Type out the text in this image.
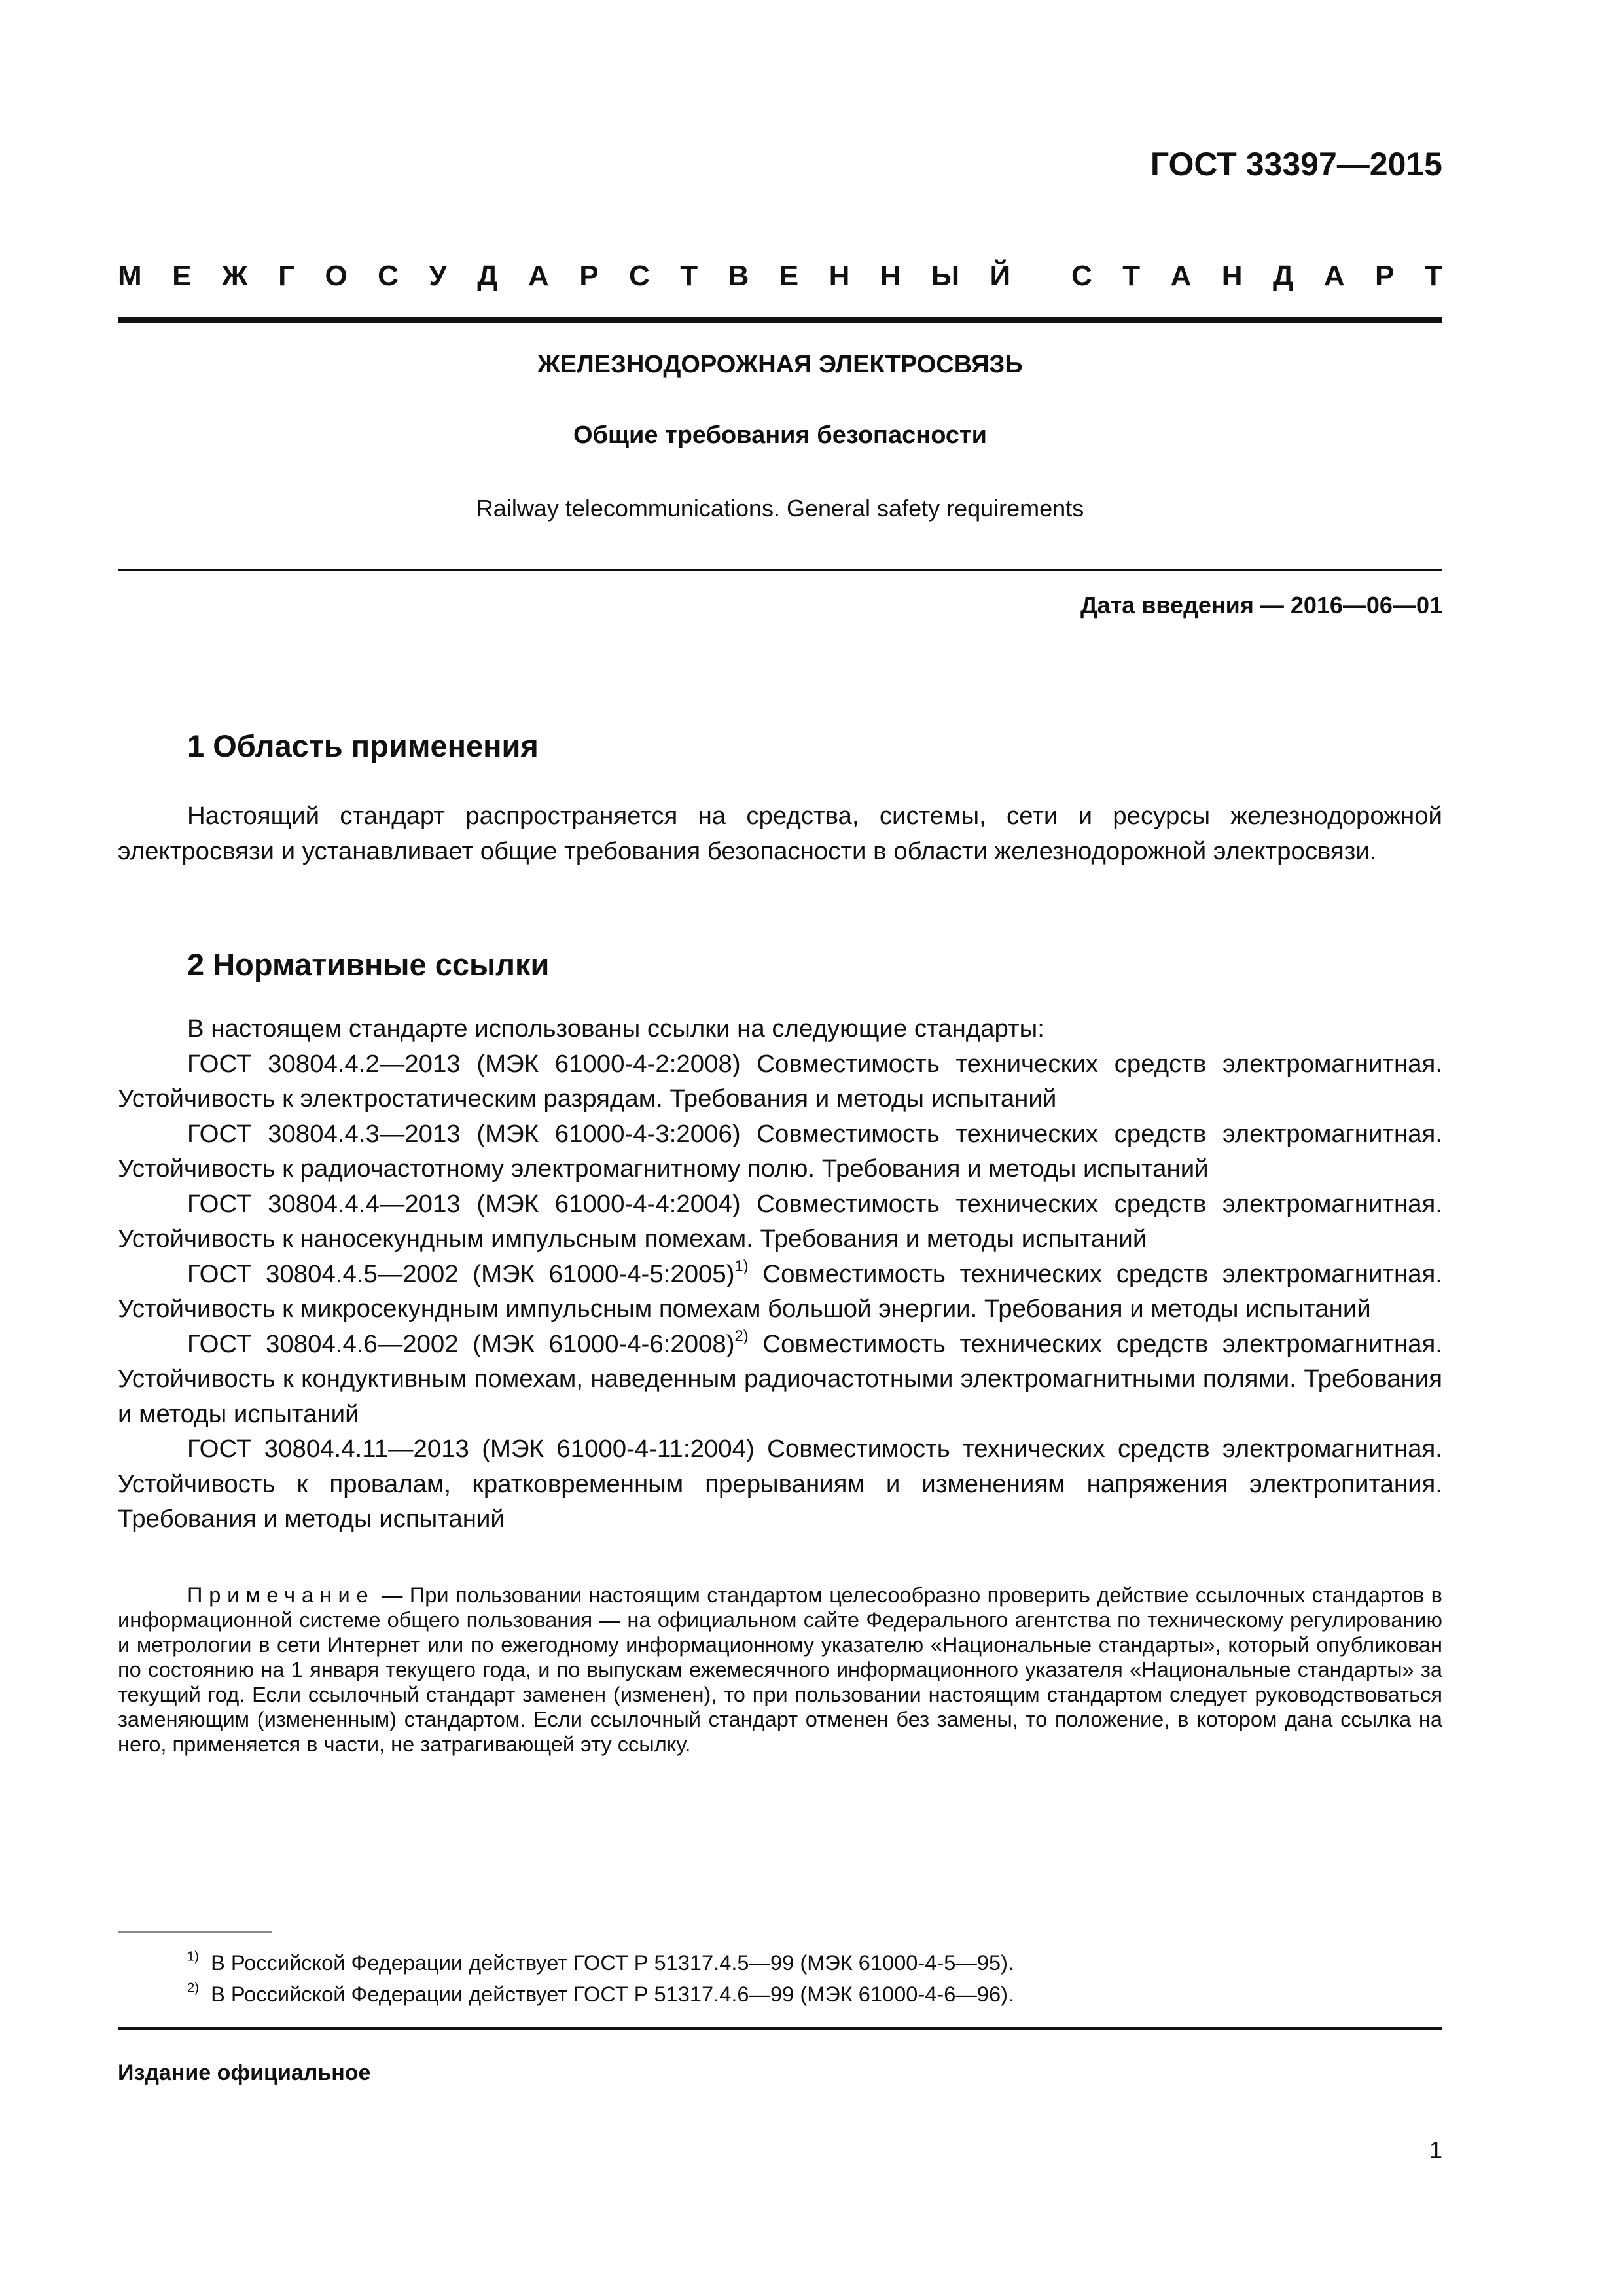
ГОСТ 33397—2015
М Е Ж Г О С У Д А Р С Т В Е Н Н Ы Й С Т А Н Д А Р Т
ЖЕЛЕЗНОДОРОЖНАЯ ЭЛЕКТРОСВЯЗЬ
Общие требования безопасности
Railway telecommunications. General safety requirements
Дата введения — 2016—06—01
1 Область применения

Настоящий стандарт распространяется на средства, системы, сети и ресурсы железнодорожной электросвязи и устанавливает общие требования безопасности в области железнодорожной электросвязи.

2 Нормативные ссылки

В настоящем стандарте использованы ссылки на следующие стандарты:

ГОСТ 30804.4.2—2013 (МЭК 61000-4-2:2008) Совместимость технических средств электромагнитная. Устойчивость к электростатическим разрядам. Требования и методы испытаний

ГОСТ 30804.4.3—2013 (МЭК 61000-4-3:2006) Совместимость технических средств электромагнитная. Устойчивость к радиочастотному электромагнитному полю. Требования и методы испытаний

ГОСТ 30804.4.4—2013 (МЭК 61000-4-4:2004) Совместимость технических средств электромагнитная. Устойчивость к наносекундным импульсным помехам. Требования и методы испытаний

ГОСТ 30804.4.5—2002 (МЭК 61000-4-5:2005)$^{1)}$ Совместимость технических средств электромагнитная. Устойчивость к микросекундным импульсным помехам большой энергии. Требования и методы испытаний

ГОСТ 30804.4.6—2002 (МЭК 61000-4-6:2008)$^{2)}$ Совместимость технических средств электромагнитная. Устойчивость к кондуктивным помехам, наведенным радиочастотными электромагнитными полями. Требования и методы испытаний

ГОСТ 30804.4.11—2013 (МЭК 61000-4-11:2004) Совместимость технических средств электромагнитная. Устойчивость к провалам, кратковременным прерываниям и изменениям напряжения электропитания. Требования и методы испытаний

Примечание — При пользовании настоящим стандартом целесообразно проверить действие ссылочных стандартов в информационной системе общего пользования — на официальном сайте Федерального агентства по техническому регулированию и метрологии в сети Интернет или по ежегодному информационному указателю «Национальные стандарты», который опубликован по состоянию на 1 января текущего года, и по выпускам ежемесячного информационного указателя «Национальные стандарты» за текущий год. Если ссылочный стандарт заменен (изменен), то при пользовании настоящим стандартом следует руководствоваться заменяющим (измененным) стандартом. Если ссылочный стандарт отменен без замены, то положение, в котором дана ссылка на него, применяется в части, не затрагивающей эту ссылку.
$^{1)}$ В Российской Федерации действует ГОСТ Р 51317.4.5—99 (МЭК 61000-4-5—95).
$^{2)}$ В Российской Федерации действует ГОСТ Р 51317.4.6—99 (МЭК 61000-4-6—96).
Издание официальное
1
